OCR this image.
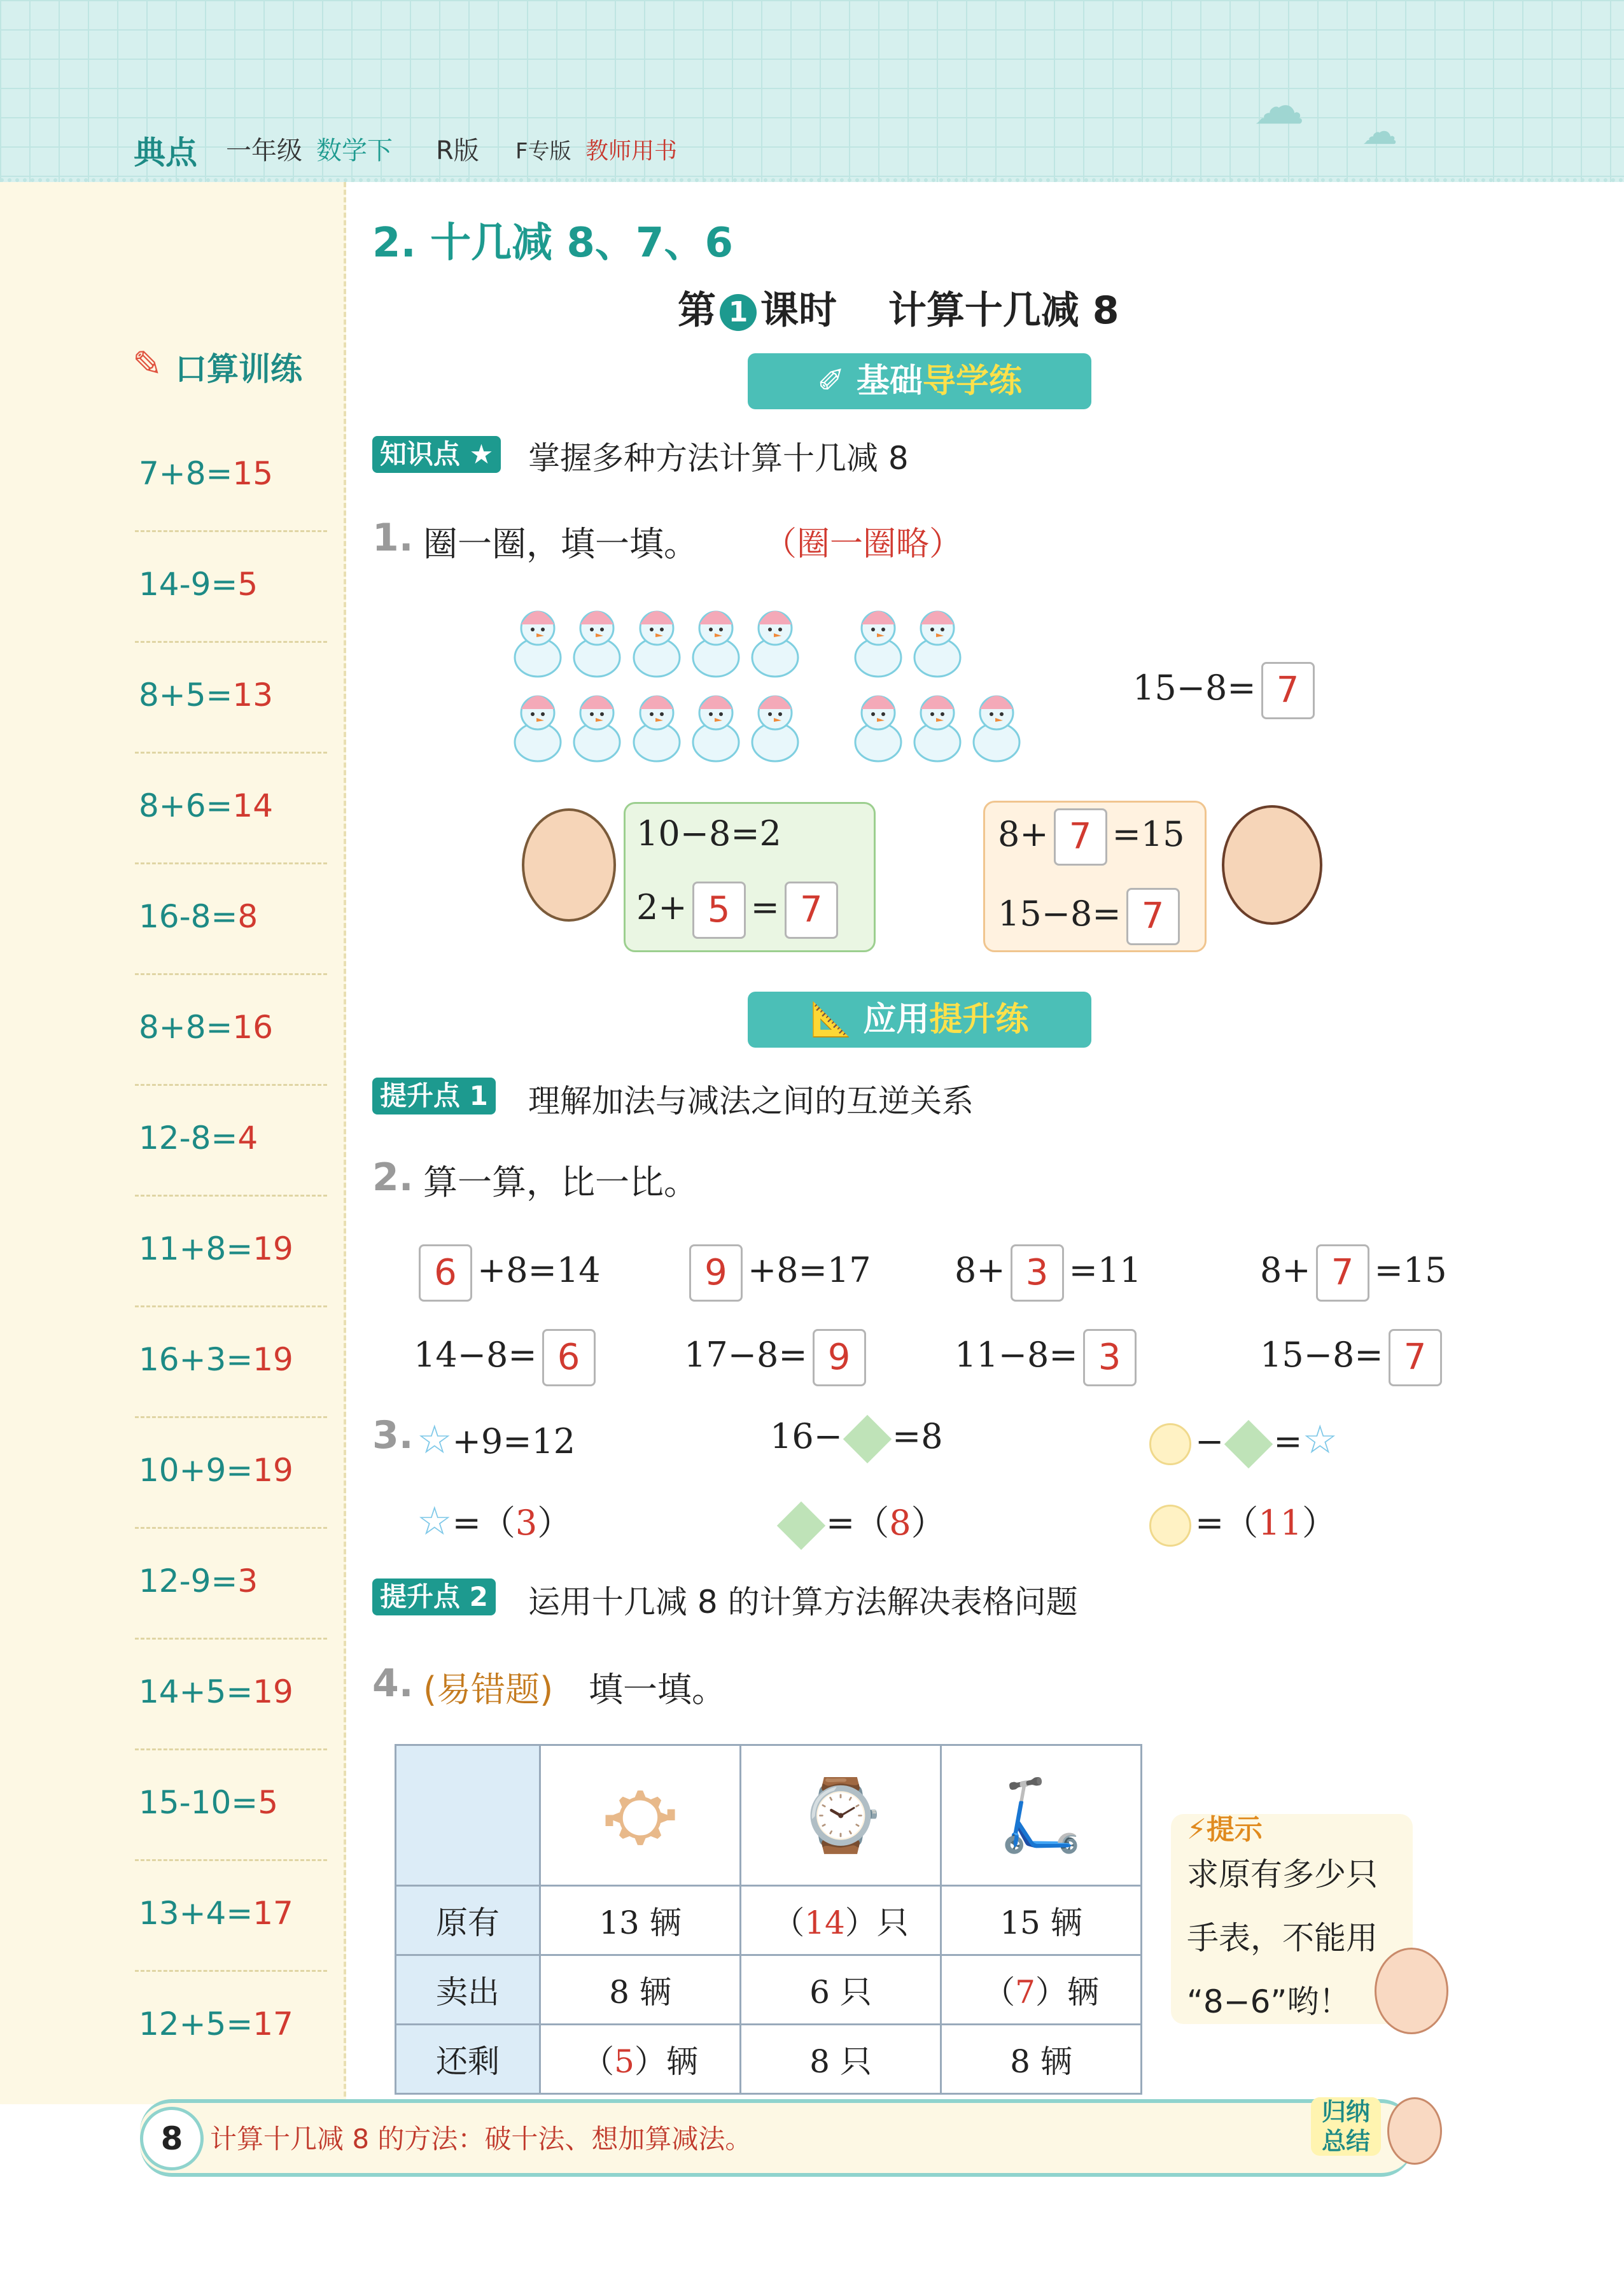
☁ ☁
典点 一年级 数学下 R版 F专版 教师用书
✎ 口算训练
7+8=15
14-9=5
8+5=13
8+6=14
16-8=8
8+8=16
12-8=4
11+8=19
16+3=19
10+9=19
12-9=3
14+5=19
15-10=5
13+4=17
12+5=17
2. 十几减 8、7、6
第 1 课时 计算十几减 8
✐ 基础导学练
知识点 ★ 掌握多种方法计算十几减 8
1. 圈一圈，填一填。 （圈一圈略）
15−8= 7
10−8=2
2+ 5 = 7
8+ 7 =15
15−8= 7
📐 应用提升练
提升点 1 理解加法与减法之间的互逆关系
2. 算一算，比一比。
6 +8=14	9 +8=17 8+ 3 =11	8+ 7 =15
14−8= 6	17−8= 9	11−8= 3	15−8= 7
3. ☆+9=12	16− =8	− =☆
☆=（3）	=（8）	=（11）
提升点 2 运用十几减 8 的计算方法解决表格问题
4. (易错题) 填一填。
	⛮	⌚	🛴
原有	13 辆	（14）只	15 辆
卖出	8 辆	6 只	（7）辆
还剩	（5）辆	8 只	8 辆
⚡提示
求原有多少只
手表，不能用
“8−6”哟！
8	计算十几减 8 的方法：破十法、想加算减法。
归纳
总结
